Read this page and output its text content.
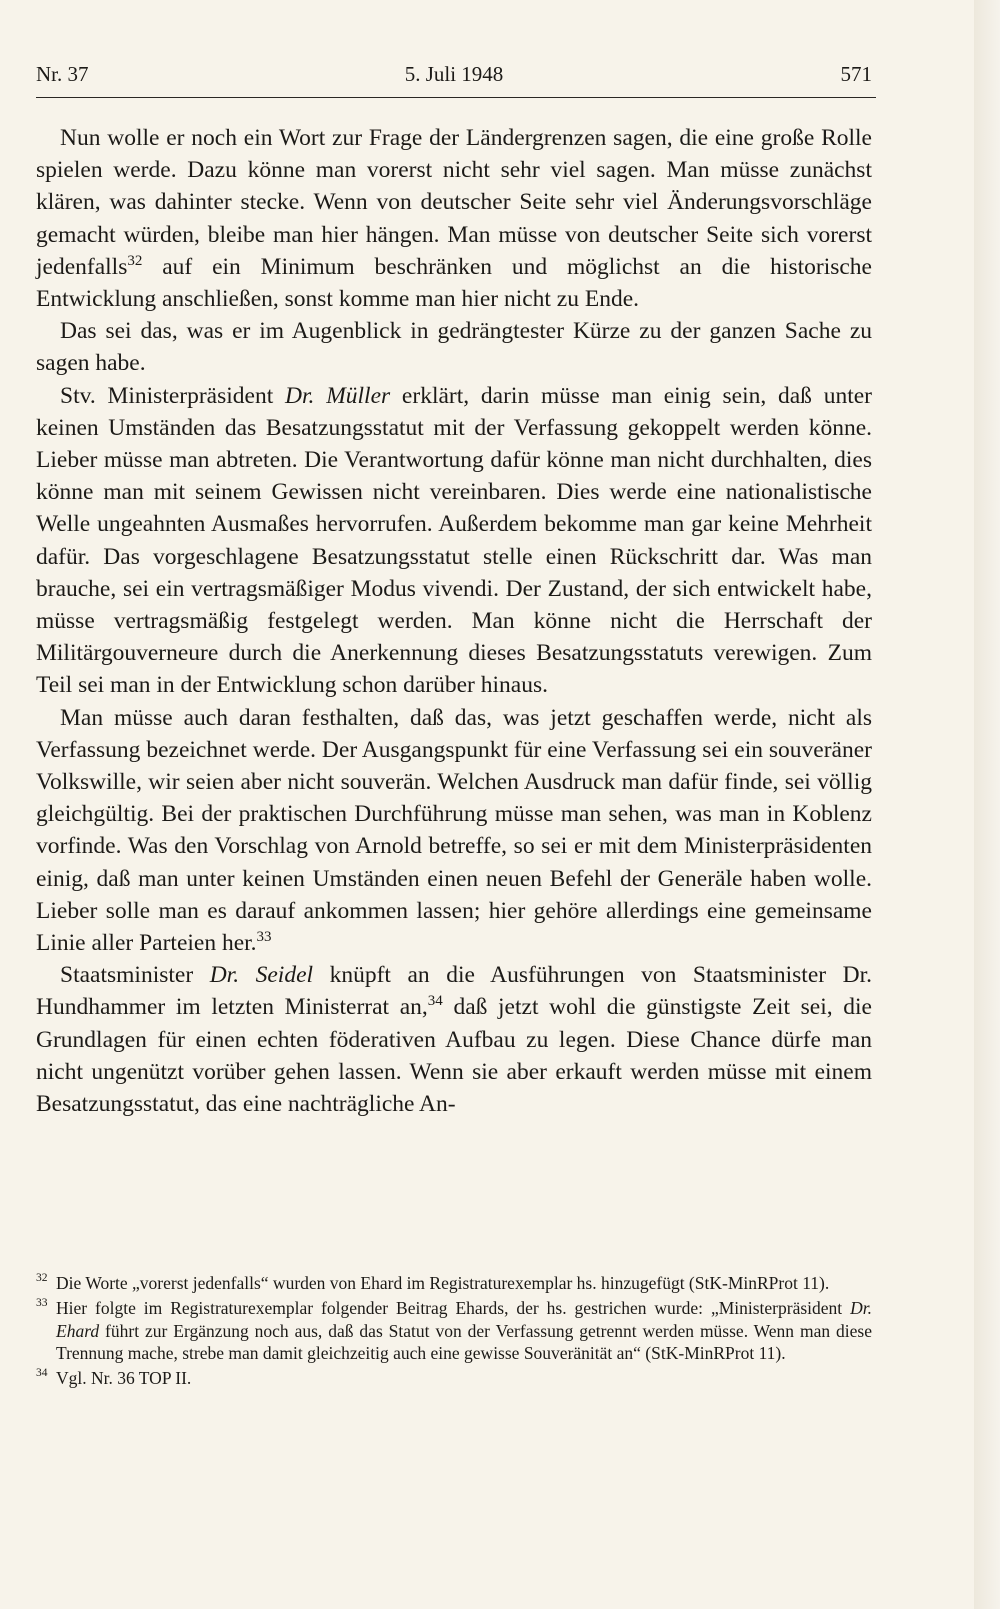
Nr. 37	5. Juli 1948	571

Nun wolle er noch ein Wort zur Frage der Ländergrenzen sagen, die eine große Rolle spielen werde. Dazu könne man vorerst nicht sehr viel sagen. Man müsse zunächst klären, was dahinter stecke. Wenn von deutscher Seite sehr viel Änderungsvorschläge gemacht würden, bleibe man hier hängen. Man müsse von deutscher Seite sich vorerst jedenfalls$^{32}$ auf ein Minimum beschränken und möglichst an die historische Entwicklung anschließen, sonst komme man hier nicht zu Ende.

Das sei das, was er im Augenblick in gedrängtester Kürze zu der ganzen Sache zu sagen habe.

Stv. Ministerpräsident Dr. Müller erklärt, darin müsse man einig sein, daß unter keinen Umständen das Besatzungsstatut mit der Verfassung gekoppelt werden könne. Lieber müsse man abtreten. Die Verantwortung dafür könne man nicht durchhalten, dies könne man mit seinem Gewissen nicht vereinbaren. Dies werde eine nationalistische Welle ungeahnten Ausmaßes hervorrufen. Außerdem bekomme man gar keine Mehrheit dafür. Das vorgeschlagene Besatzungsstatut stelle einen Rückschritt dar. Was man brauche, sei ein vertragsmäßiger Modus vivendi. Der Zustand, der sich entwickelt habe, müsse vertragsmäßig festgelegt werden. Man könne nicht die Herrschaft der Militärgouverneure durch die Anerkennung dieses Besatzungsstatuts verewigen. Zum Teil sei man in der Entwicklung schon darüber hinaus.

Man müsse auch daran festhalten, daß das, was jetzt geschaffen werde, nicht als Verfassung bezeichnet werde. Der Ausgangspunkt für eine Verfassung sei ein souveräner Volkswille, wir seien aber nicht souverän. Welchen Ausdruck man dafür finde, sei völlig gleichgültig. Bei der praktischen Durchführung müsse man sehen, was man in Koblenz vorfinde. Was den Vorschlag von Arnold betreffe, so sei er mit dem Ministerpräsidenten einig, daß man unter keinen Umständen einen neuen Befehl der Generäle haben wolle. Lieber solle man es darauf ankommen lassen; hier gehöre allerdings eine gemeinsame Linie aller Parteien her.$^{33}$

Staatsminister Dr. Seidel knüpft an die Ausführungen von Staatsminister Dr. Hundhammer im letzten Ministerrat an,$^{34}$ daß jetzt wohl die günstigste Zeit sei, die Grundlagen für einen echten föderativen Aufbau zu legen. Diese Chance dürfe man nicht ungenützt vorüber gehen lassen. Wenn sie aber erkauft werden müsse mit einem Besatzungsstatut, das eine nachträgliche An-

32 Die Worte „vorerst jedenfalls“ wurden von Ehard im Registraturexemplar hs. hinzugefügt (StK-MinRProt 11).
33 Hier folgte im Registraturexemplar folgender Beitrag Ehards, der hs. gestrichen wurde: „Ministerpräsident Dr. Ehard führt zur Ergänzung noch aus, daß das Statut von der Verfassung getrennt werden müsse. Wenn man diese Trennung mache, strebe man damit gleichzeitig auch eine gewisse Souveränität an“ (StK-MinRProt 11).
34 Vgl. Nr. 36 TOP II.
